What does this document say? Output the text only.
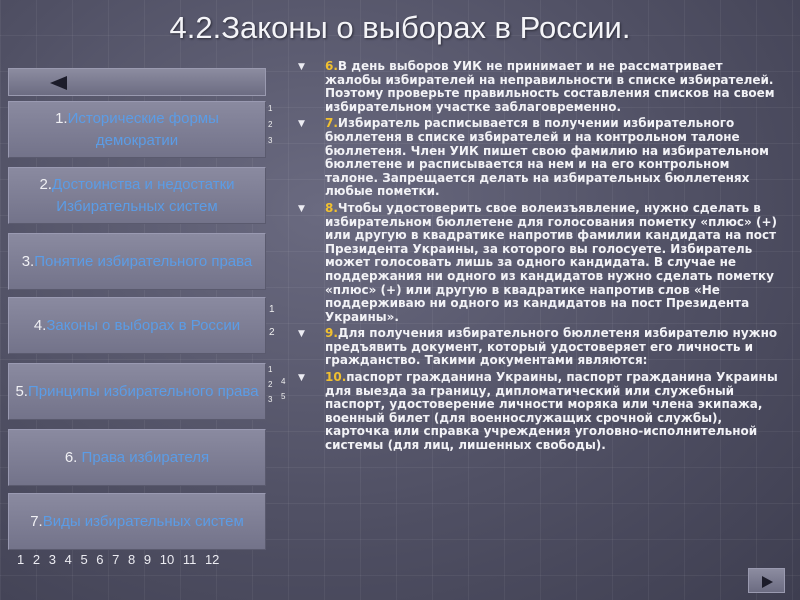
4.2.Законы о выборах в России.
1.Исторические формы демократии
2.Достоинства и недостатки Избирательных систем
3.Понятие избирательного права
4.Законы о выборах в России
5.Принципы избирательного права
6. Права избирателя
7.Виды избирательных систем
1
2
3
1
2
1
2
3
4
5
1 2 3 4 5 6 7 8 9 10 11 12
▼ 6.В день выборов УИК не принимает и не рассматривает жалобы избирателей на неправильности в списке избирателей. Поэтому проверьте правильность составления списков на своем избирательном участке заблаговременно.
▼ 7.Избиратель расписывается в получении избирательного бюллетеня в списке избирателей и на контрольном талоне бюллетеня. Член УИК пишет свою фамилию на избирательном бюллетене и расписывается на нем и на его контрольном талоне. Запрещается делать на избирательных бюллетенях любые пометки.
▼ 8.Чтобы удостоверить свое волеизъявление, нужно сделать в избирательном бюллетене для голосования пометку «плюс» (+) или другую в квадратике напротив фамилии кандидата на пост Президента Украины, за которого вы голосуете. Избиратель может голосовать лишь за одного кандидата. В случае не поддержания ни одного из кандидатов нужно сделать пометку «плюс» (+) или другую в квадратике напротив слов «Не поддерживаю ни одного из кандидатов на пост Президента Украины».
▼ 9.Для получения избирательного бюллетеня избирателю нужно предъявить документ, который удостоверяет его личность и гражданство. Такими документами являются:
▼ 10.паспорт гражданина Украины, паспорт гражданина Украины для выезда за границу, дипломатический или служебный паспорт, удостоверение личности моряка или члена экипажа, военный билет (для военнослужащих срочной службы), карточка или справка учреждения уголовно-исполнительной системы (для лиц, лишенных свободы).
